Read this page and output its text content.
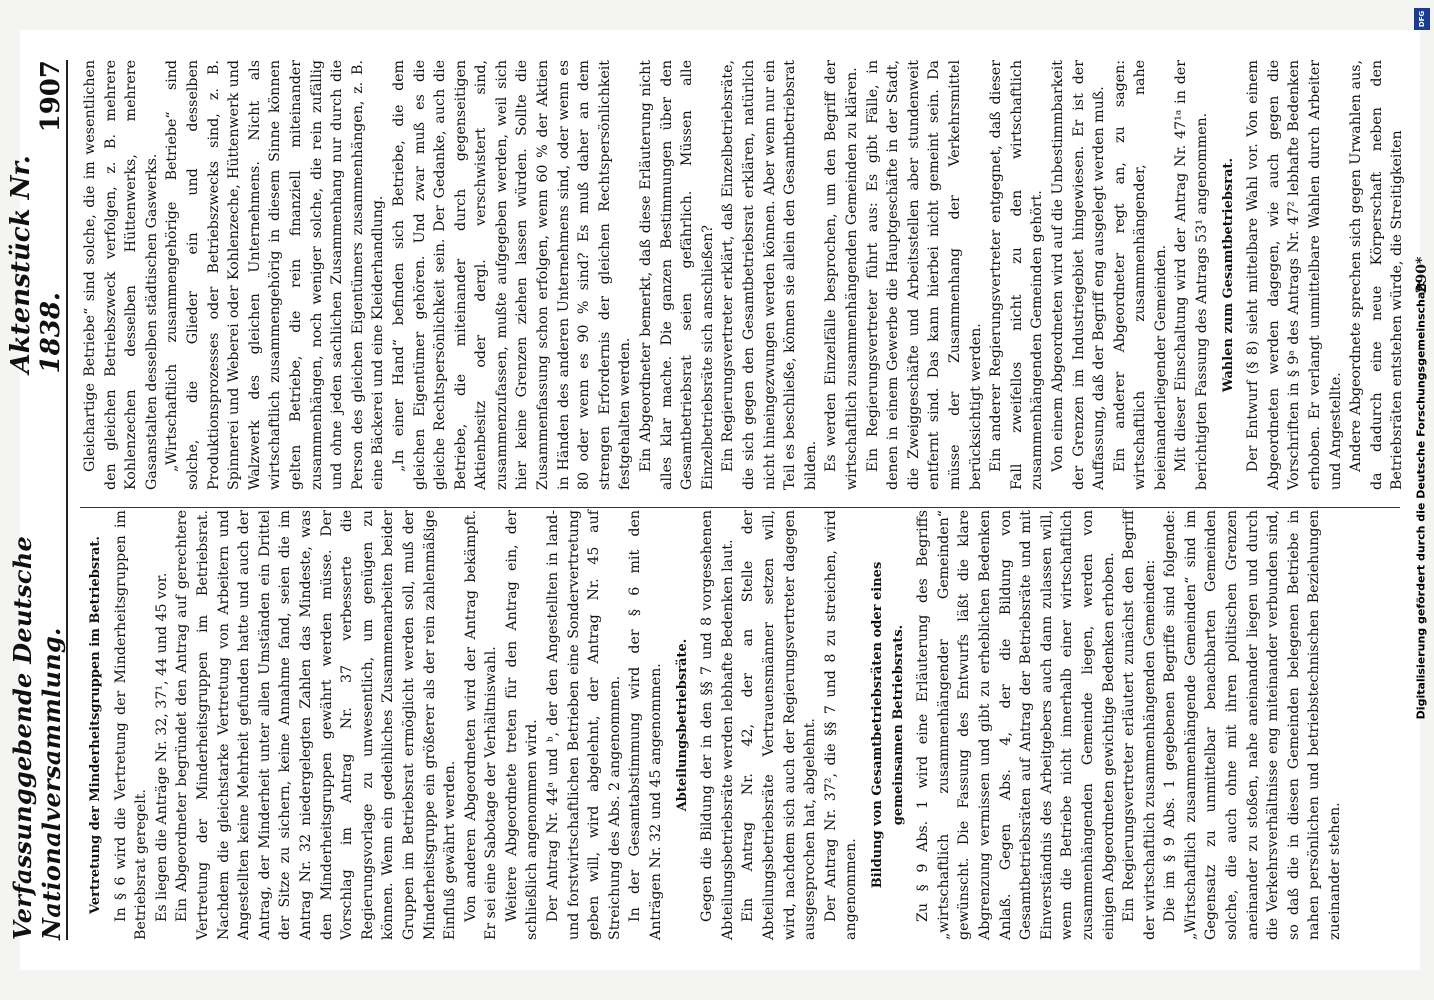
Verfassunggebende Deutsche Nationalversammlung.
Aktenstück Nr. 1838.
1907
Vertretung der Minderheitsgruppen im Betriebsrat. In § 6 wird die Vertretung der Minderheitsgruppen im Betriebsrat geregelt. Es liegen die Anträge Nr. 32, 37¹, 44 und 45 vor. Ein Abgeordneter begründet den Antrag auf gerechtere Vertretung der Minderheitsgruppen im Betriebsrat. Nachdem die gleichstarke Vertretung von Arbeitern und Angestellten keine Mehrheit gefunden hatte und auch der Antrag, der Minderheit unter allen Umständen ein Drittel der Sitze zu sichern, keine Annahme fand, seien die im Antrag Nr. 32 niedergelegten Zahlen das Mindeste, was den Minderheitsgruppen gewährt werden müsse. Der Vorschlag im Antrag Nr. 37 verbesserte die Regierungsvorlage zu unwesentlich, um genügen zu können. Wenn ein gedeihliches Zusammenarbeiten beider Gruppen im Betriebsrat ermöglicht werden soll, muß der Minderheitsgruppe ein größerer als der rein zahlenmäßige Einfluß gewährt werden. Von anderen Abgeordneten wird der Antrag bekämpft. Er sei eine Sabotage der Verhältniswahl. Weitere Abgeordnete treten für den Antrag ein, der schließlich angenommen wird. Der Antrag Nr. 44ᵃ und ᵇ, der den Angestellten in land- und forstwirtschaftlichen Betrieben eine Sondervertretung geben will, wird abgelehnt, der Antrag Nr. 45 auf Streichung des Abs. 2 angenommen. In der Gesamtabstimmung wird der § 6 mit den Anträgen Nr. 32 und 45 angenommen. Abteilungsbetriebsräte. Gegen die Bildung der in den §§ 7 und 8 vorgesehenen Abteilungsbetriebsräte werden lebhafte Bedenken laut. Ein Antrag Nr. 42, der an Stelle der Abteilungsbetriebsräte Vertrauensmänner setzen will, wird, nachdem sich auch der Regierungsvertreter dagegen ausgesprochen hat, abgelehnt. Der Antrag Nr. 37², die §§ 7 und 8 zu streichen, wird angenommen.

Bildung von Gesamtbetriebsräten oder eines gemeinsamen Betriebsrats. Zu § 9 Abs. 1 wird eine Erläuterung des Begriffs „wirtschaftlich zusammenhängender Gemeinden“ gewünscht. Die Fassung des Entwurfs läßt die klare Abgrenzung vermissen und gibt zu erheblichen Bedenken Anlaß. Gegen Abs. 4, der die Bildung von Gesamtbetriebsräten auf Antrag der Betriebsräte und mit Einverständnis des Arbeitgebers auch dann zulassen will, wenn die Betriebe nicht innerhalb einer wirtschaftlich zusammenhängenden Gemeinde liegen, werden von einigen Abgeordneten gewichtige Bedenken erhoben. Ein Regierungsvertreter erläutert zunächst den Begriff der wirtschaftlich zusammenhängenden Gemeinden: Die im § 9 Abs. 1 gegebenen Begriffe sind folgende: „Wirtschaftlich zusammenhängende Gemeinden“ sind im Gegensatz zu unmittelbar benachbarten Gemeinden solche, die auch ohne mit ihren politischen Grenzen aneinander zu stoßen, nahe aneinander liegen und durch die Verkehrsverhältnisse eng miteinander verbunden sind, so daß die in diesen Gemeinden belegenen Betriebe in nahen persönlichen und betriebstechnischen Beziehungen zueinander stehen.

Gleichartige Betriebe“ sind solche, die im wesentlichen den gleichen Betriebszweck verfolgen, z. B. mehrere Kohlenzechen desselben Hüttenwerks, mehrere Gasanstalten desselben städtischen Gaswerks. „Wirtschaftlich zusammengehörige Betriebe“ sind solche, die Glieder ein und desselben Produktionsprozesses oder Betriebszwecks sind, z. B. Spinnerei und Weberei oder Kohlenzeche, Hüttenwerk und Walzwerk des gleichen Unternehmens. Nicht als wirtschaftlich zusammengehörig in diesem Sinne können gelten Betriebe, die rein finanziell miteinander zusammenhängen, noch weniger solche, die rein zufällig und ohne jeden sachlichen Zusammenhang nur durch die Person des gleichen Eigentümers zusammenhängen, z. B. eine Bäckerei und eine Kleiderhandlung. „In einer Hand“ befinden sich Betriebe, die dem gleichen Eigentümer gehören. Und zwar muß es die gleiche Rechtspersönlichkeit sein. Der Gedanke, auch die Betriebe, die miteinander durch gegenseitigen Aktienbesitz oder dergl. verschwistert sind, zusammenzufassen, mußte aufgegeben werden, weil sich hier keine Grenzen ziehen lassen würden. Sollte die Zusammenfassung schon erfolgen, wenn 60 % der Aktien in Händen des anderen Unternehmens sind, oder wenn es 80 oder wenn es 90 % sind? Es muß daher an dem strengen Erfordernis der gleichen Rechtspersönlichkeit festgehalten werden. Ein Abgeordneter bemerkt, daß diese Erläuterung nicht alles klar mache. Die ganzen Bestimmungen über den Gesamtbetriebsrat seien gefährlich. Müssen alle Einzelbetriebsräte sich anschließen? Ein Regierungsvertreter erklärt, daß Einzelbetriebsräte, die sich gegen den Gesamtbetriebsrat erklären, natürlich nicht hineingezwungen werden können. Aber wenn nur ein Teil es beschließe, können sie allein den Gesamtbetriebsrat bilden. Es werden Einzelfälle besprochen, um den Begriff der wirtschaftlich zusammenhängenden Gemeinden zu klären. Ein Regierungsvertreter führt aus: Es gibt Fälle, in denen in einem Gewerbe die Hauptgeschäfte in der Stadt, die Zweiggeschäfte und Arbeitsstellen aber stundenweit entfernt sind. Das kann hierbei nicht gemeint sein. Da müsse der Zusammenhang der Verkehrsmittel berücksichtigt werden. Ein anderer Regierungsvertreter entgegnet, daß dieser Fall zweifellos nicht zu den wirtschaftlich zusammenhängenden Gemeinden gehört. Von einem Abgeordneten wird auf die Unbestimmbarkeit der Grenzen im Industriegebiet hingewiesen. Er ist der Auffassung, daß der Begriff eng ausgelegt werden muß. Ein anderer Abgeordneter regt an, zu sagen: wirtschaftlich zusammenhängender, nahe beieinanderliegender Gemeinden. Mit dieser Einschaltung wird der Antrag Nr. 47¹ᵃ in der berichtigten Fassung des Antrags 53¹ angenommen. Wahlen zum Gesamtbetriebsrat. Der Entwurf (§ 8) sieht mittelbare Wahl vor. Von einem Abgeordneten werden dagegen, wie auch gegen die Vorschriften in § 9ᵃ des Antrags Nr. 47² lebhafte Bedenken erhoben. Er verlangt unmittelbare Wahlen durch Arbeiter und Angestellte. Andere Abgeordnete sprechen sich gegen Urwahlen aus, da dadurch eine neue Körperschaft neben den Betriebsräten entstehen würde, die Streitigkeiten 290*
Digitalisierung gefördert durch die Deutsche Forschungsgemeinschaft
DFG
